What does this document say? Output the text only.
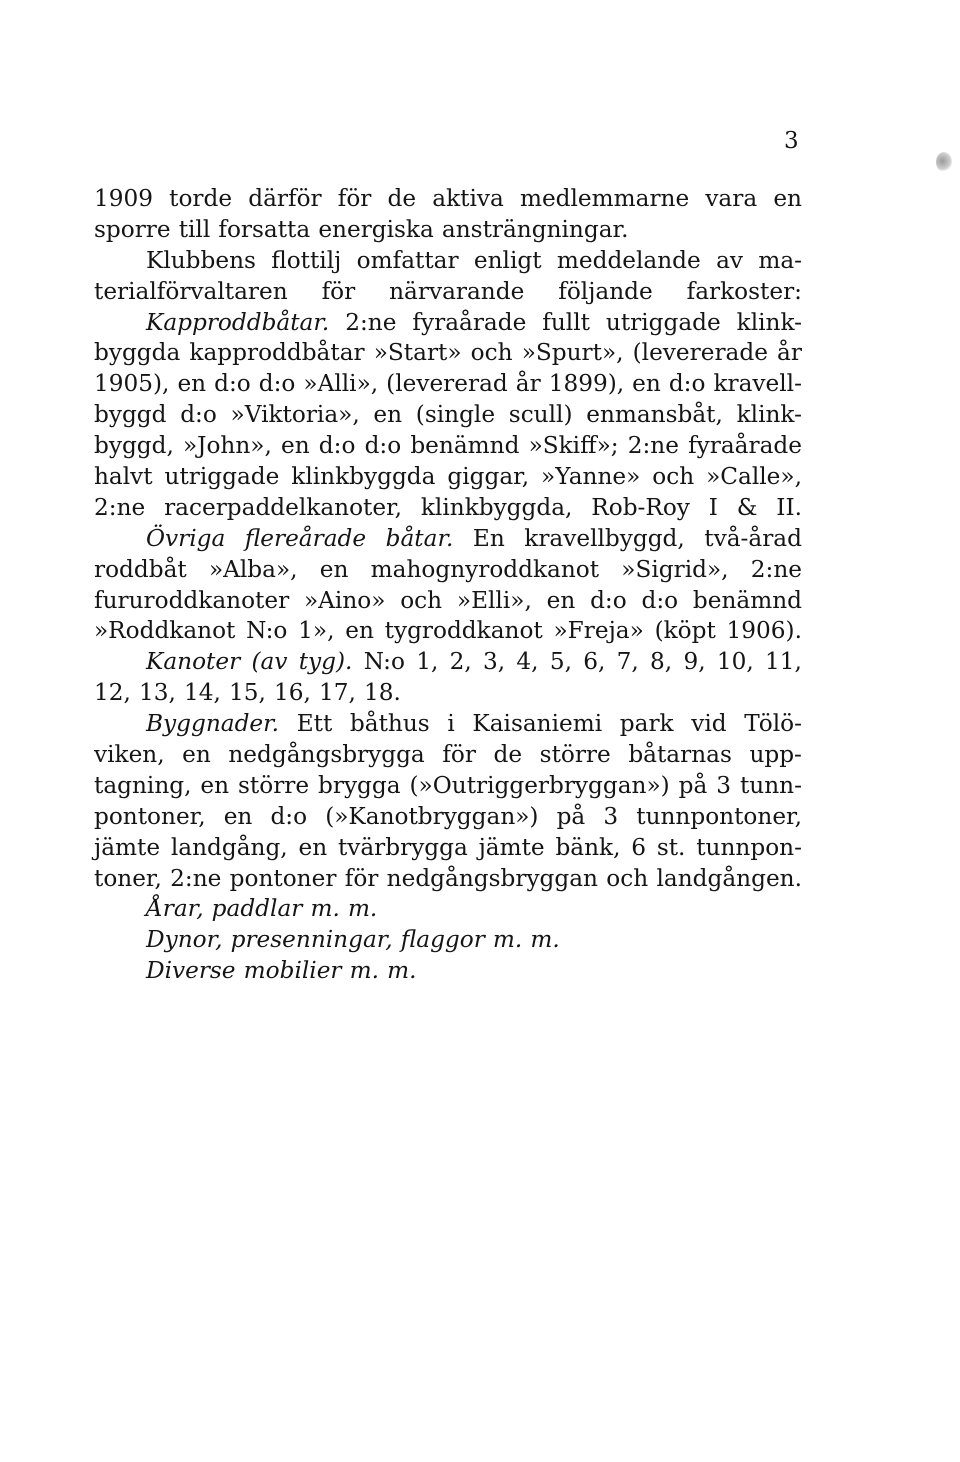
3
1909 torde därför för de aktiva medlemmarne vara en
sporre till forsatta energiska ansträngningar.
Klubbens flottilj omfattar enligt meddelande av ma-
terialförvaltaren för närvarande följande farkoster:
Kapproddbåtar. 2:ne fyraårade fullt utriggade klink-
byggda kapproddbåtar »Start» och »Spurt», (levererade år
1905), en d:o d:o »Alli», (levererad år 1899), en d:o kravell-
byggd d:o »Viktoria», en (single scull) enmansbåt, klink-
byggd, »John», en d:o d:o benämnd »Skiff»; 2:ne fyraårade
halvt utriggade klinkbyggda giggar, »Yanne» och »Calle»,
2:ne racerpaddelkanoter, klinkbyggda, Rob-Roy I & II.
Övriga flereårade båtar. En kravellbyggd, två-årad
roddbåt »Alba», en mahognyroddkanot »Sigrid», 2:ne
fururoddkanoter »Aino» och »Elli», en d:o d:o benämnd
»Roddkanot N:o 1», en tygroddkanot »Freja» (köpt 1906).
Kanoter (av tyg). N:o 1, 2, 3, 4, 5, 6, 7, 8, 9, 10, 11,
12, 13, 14, 15, 16, 17, 18.
Byggnader. Ett båthus i Kaisaniemi park vid Tölö-
viken, en nedgångsbrygga för de större båtarnas upp-
tagning, en större brygga (»Outriggerbryggan») på 3 tunn-
pontoner, en d:o (»Kanotbryggan») på 3 tunnpontoner,
jämte landgång, en tvärbrygga jämte bänk, 6 st. tunnpon-
toner, 2:ne pontoner för nedgångsbryggan och landgången.
Årar, paddlar m. m.
Dynor, presenningar, flaggor m. m.
Diverse mobilier m. m.
